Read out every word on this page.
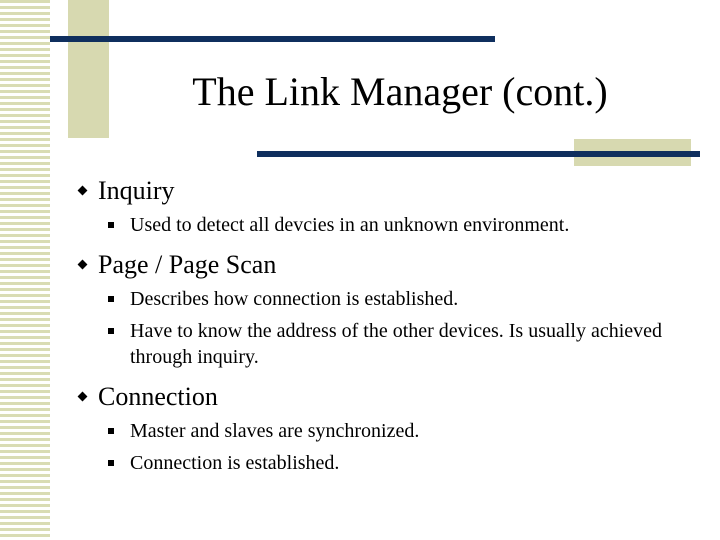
The Link Manager (cont.)
Inquiry
Used to detect all devcies in an unknown environment.
Page / Page Scan
Describes how connection is established.
Have to know the address of the other devices. Is usually achieved through inquiry.
Connection
Master and slaves are synchronized.
Connection is established.
